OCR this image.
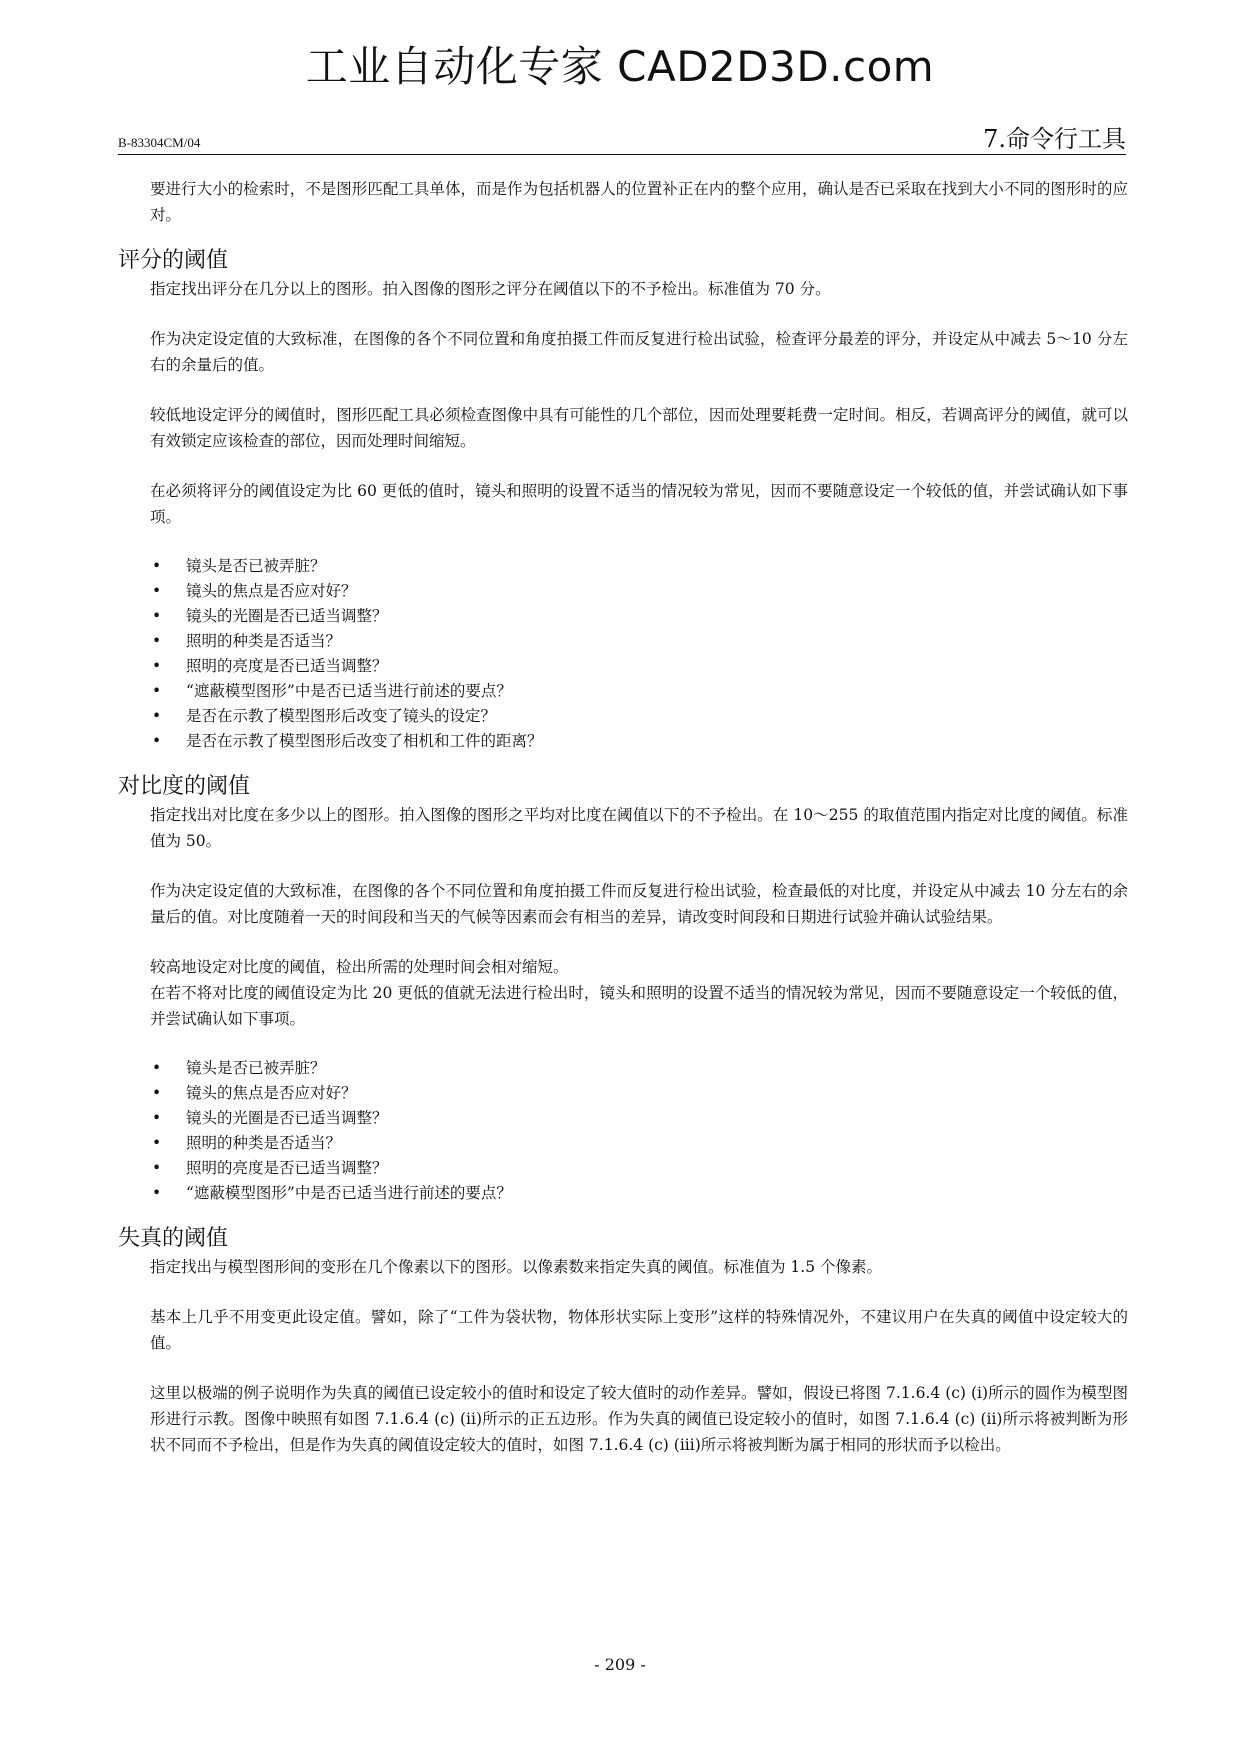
工业自动化专家 CAD2D3D.com
B-83304CM/04	7.命令行工具

要进行大小的检索时，不是图形匹配工具单体，而是作为包括机器人的位置补正在内的整个应用，确认是否已采取在找到大小不同的图形时的应对。

评分的阈值

指定找出评分在几分以上的图形。拍入图像的图形之评分在阈值以下的不予检出。标准值为 70 分。

作为决定设定值的大致标准，在图像的各个不同位置和角度拍摄工件而反复进行检出试验，检查评分最差的评分，并设定从中减去 5～10 分左右的余量后的值。

较低地设定评分的阈值时，图形匹配工具必须检查图像中具有可能性的几个部位，因而处理要耗费一定时间。相反，若调高评分的阈值，就可以有效锁定应该检查的部位，因而处理时间缩短。

在必须将评分的阈值设定为比 60 更低的值时，镜头和照明的设置不适当的情况较为常见，因而不要随意设定一个较低的值，并尝试确认如下事项。

• 镜头是否已被弄脏？
• 镜头的焦点是否应对好？
• 镜头的光圈是否已适当调整？
• 照明的种类是否适当？
• 照明的亮度是否已适当调整？
• “遮蔽模型图形”中是否已适当进行前述的要点？
• 是否在示教了模型图形后改变了镜头的设定？
• 是否在示教了模型图形后改变了相机和工件的距离？
对比度的阈值

指定找出对比度在多少以上的图形。拍入图像的图形之平均对比度在阈值以下的不予检出。在 10～255 的取值范围内指定对比度的阈值。标准值为 50。

作为决定设定值的大致标准，在图像的各个不同位置和角度拍摄工件而反复进行检出试验，检查最低的对比度，并设定从中减去 10 分左右的余量后的值。对比度随着一天的时间段和当天的气候等因素而会有相当的差异，请改变时间段和日期进行试验并确认试验结果。

较高地设定对比度的阈值，检出所需的处理时间会相对缩短。

在若不将对比度的阈值设定为比 20 更低的值就无法进行检出时，镜头和照明的设置不适当的情况较为常见，因而不要随意设定一个较低的值，并尝试确认如下事项。

• 镜头是否已被弄脏？
• 镜头的焦点是否应对好？
• 镜头的光圈是否已适当调整？
• 照明的种类是否适当？
• 照明的亮度是否已适当调整？
• “遮蔽模型图形”中是否已适当进行前述的要点？
失真的阈值

指定找出与模型图形间的变形在几个像素以下的图形。以像素数来指定失真的阈值。标准值为 1.5 个像素。

基本上几乎不用变更此设定值。譬如，除了“工件为袋状物，物体形状实际上变形”这样的特殊情况外，不建议用户在失真的阈值中设定较大的值。

这里以极端的例子说明作为失真的阈值已设定较小的值时和设定了较大值时的动作差异。譬如，假设已将图 7.1.6.4 (c) (i)所示的圆作为模型图形进行示教。图像中映照有如图 7.1.6.4 (c) (ii)所示的正五边形。作为失真的阈值已设定较小的值时，如图 7.1.6.4 (c) (ii)所示将被判断为形状不同而不予检出，但是作为失真的阈值设定较大的值时，如图 7.1.6.4 (c) (iii)所示将被判断为属于相同的形状而予以检出。

- 209 -
